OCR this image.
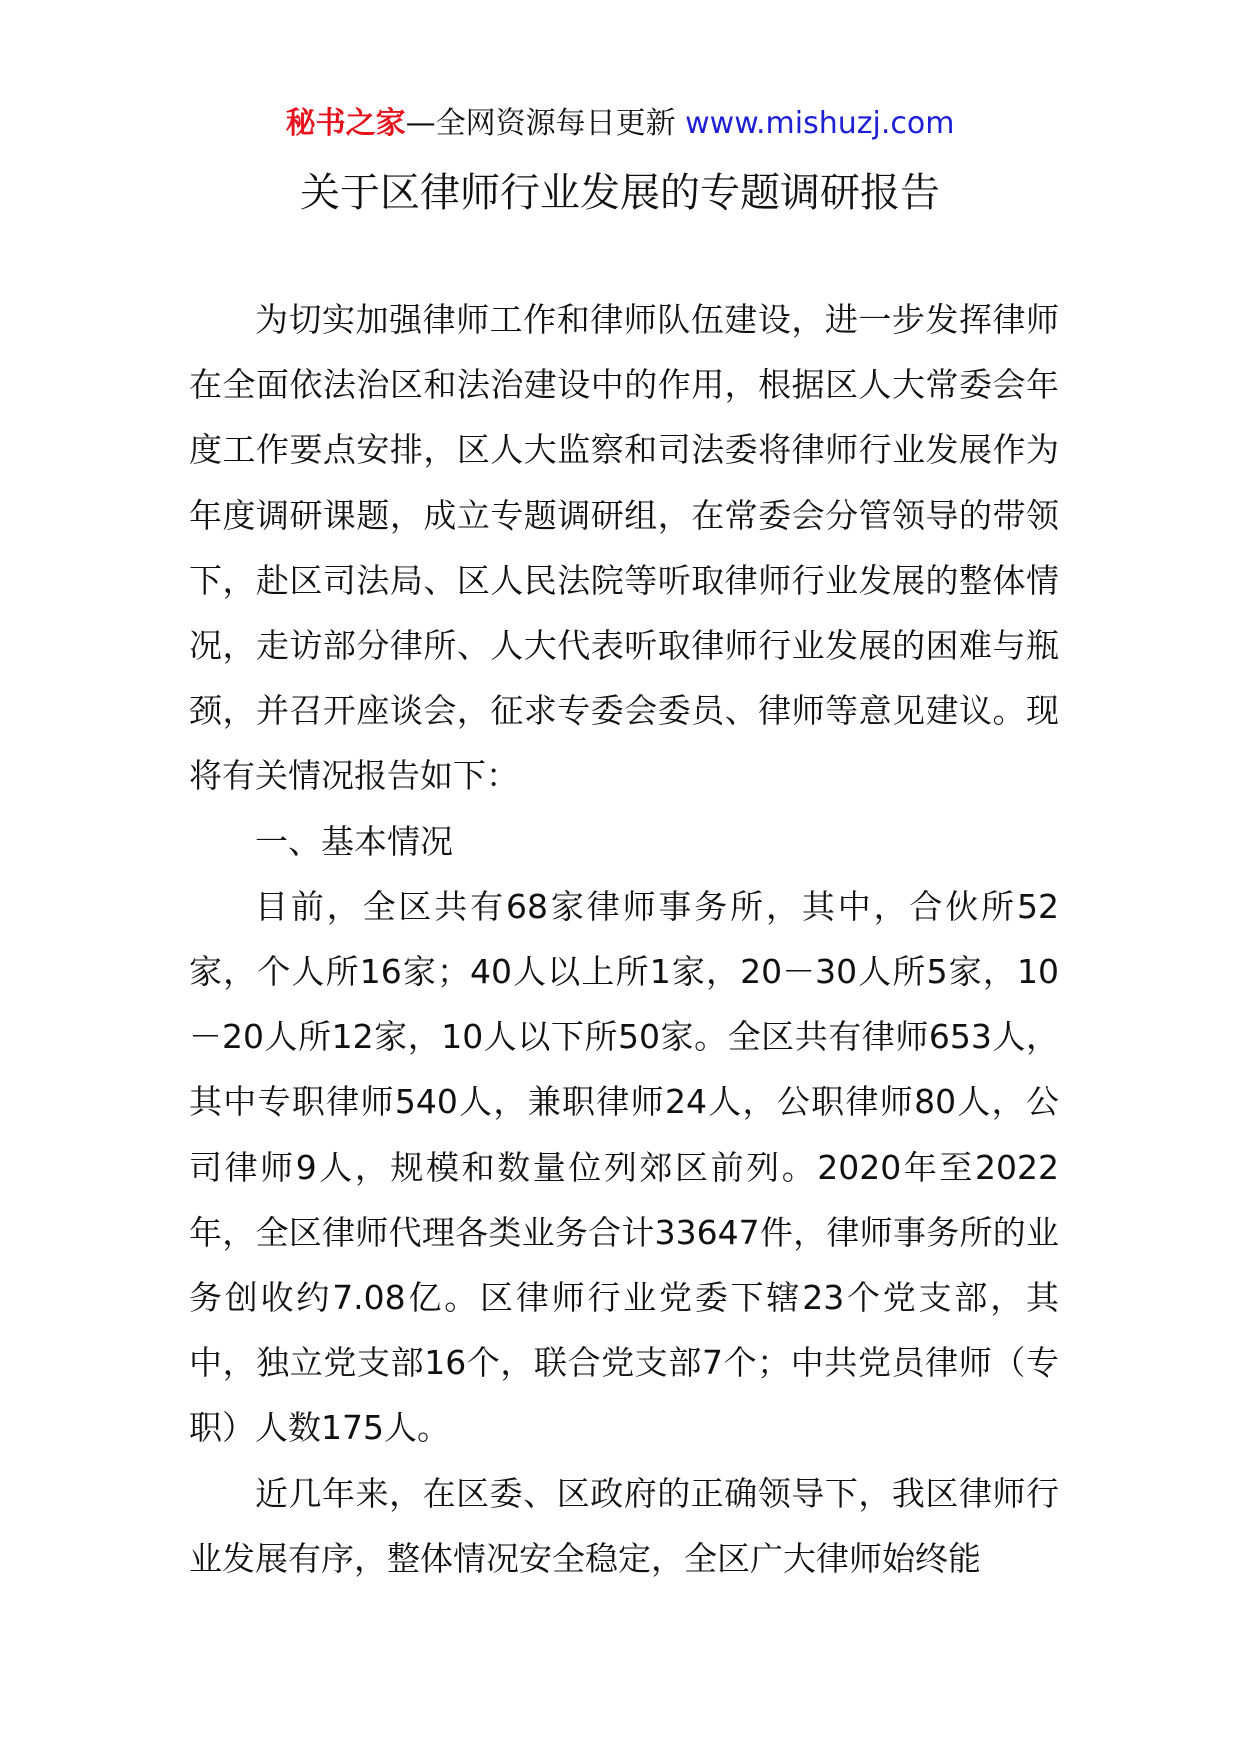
秘书之家—全网资源每日更新 www.mishuzj.com
关于区律师行业发展的专题调研报告

为切实加强律师工作和律师队伍建设，进一步发挥律师在全面依法治区和法治建设中的作用，根据区人大常委会年度工作要点安排，区人大监察和司法委将律师行业发展作为年度调研课题，成立专题调研组，在常委会分管领导的带领下，赴区司法局、区人民法院等听取律师行业发展的整体情况，走访部分律所、人大代表听取律师行业发展的困难与瓶颈，并召开座谈会，征求专委会委员、律师等意见建议。现将有关情况报告如下：

一、基本情况

目前，全区共有68家律师事务所，其中，合伙所52家，个人所16家；40人以上所1家，20－30人所5家，10－20人所12家，10人以下所50家。全区共有律师653人，其中专职律师540人，兼职律师24人，公职律师80人，公司律师9人，规模和数量位列郊区前列。2020年至2022年，全区律师代理各类业务合计33647件，律师事务所的业务创收约7.08亿。区律师行业党委下辖23个党支部，其中，独立党支部16个，联合党支部7个；中共党员律师（专职）人数175人。

近几年来，在区委、区政府的正确领导下，我区律师行业发展有序，整体情况安全稳定，全区广大律师始终能
